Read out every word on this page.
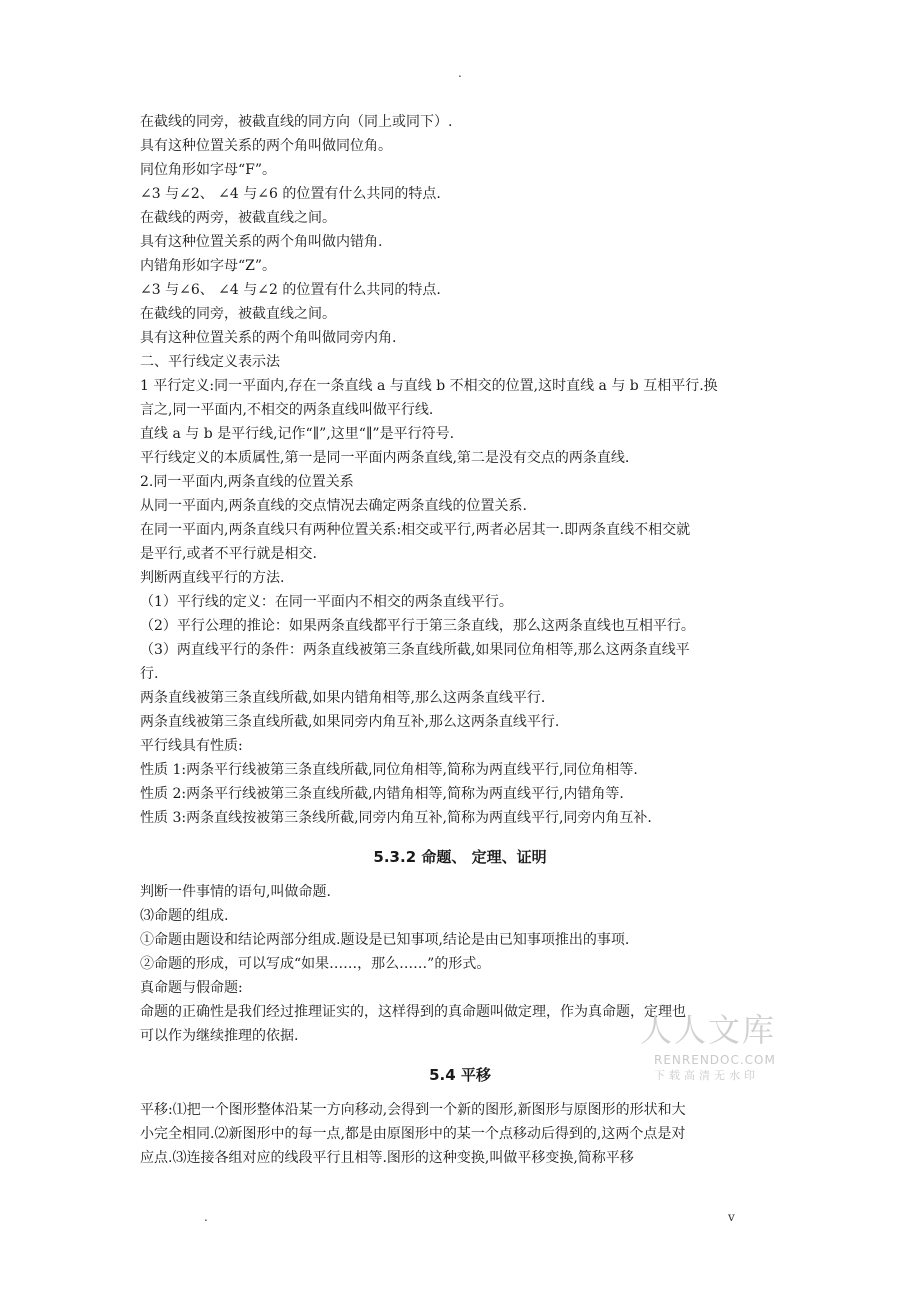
.
在截线的同旁，被截直线的同方向（同上或同下）.
具有这种位置关系的两个角叫做同位角。
同位角形如字母“F”。
∠3 与∠2、 ∠4 与∠6 的位置有什么共同的特点.
在截线的两旁，被截直线之间。
具有这种位置关系的两个角叫做内错角.
内错角形如字母“Z”。
∠3 与∠6、 ∠4 与∠2 的位置有什么共同的特点.
在截线的同旁，被截直线之间。
具有这种位置关系的两个角叫做同旁内角.
二、平行线定义表示法
1 平行定义:同一平面内,存在一条直线 a 与直线 b 不相交的位置,这时直线 a 与 b 互相平行.换
言之,同一平面内,不相交的两条直线叫做平行线.
直线 a 与 b 是平行线,记作“∥”,这里“∥”是平行符号.
平行线定义的本质属性,第一是同一平面内两条直线,第二是没有交点的两条直线.
2.同一平面内,两条直线的位置关系
从同一平面内,两条直线的交点情况去确定两条直线的位置关系.
在同一平面内,两条直线只有两种位置关系:相交或平行,两者必居其一.即两条直线不相交就
是平行,或者不平行就是相交.
判断两直线平行的方法.
（1）平行线的定义：在同一平面内不相交的两条直线平行。
（2）平行公理的推论：如果两条直线都平行于第三条直线，那么这两条直线也互相平行。
（3）两直线平行的条件：两条直线被第三条直线所截,如果同位角相等,那么这两条直线平
行.
两条直线被第三条直线所截,如果内错角相等,那么这两条直线平行.
两条直线被第三条直线所截,如果同旁内角互补,那么这两条直线平行.
平行线具有性质:
性质 1:两条平行线被第三条直线所截,同位角相等,简称为两直线平行,同位角相等.
性质 2:两条平行线被第三条直线所截,内错角相等,简称为两直线平行,内错角等.
性质 3:两条直线按被第三条线所截,同旁内角互补,简称为两直线平行,同旁内角互补.
5.3.2 命题、 定理、证明
判断一件事情的语句,叫做命题.
⑶命题的组成.
①命题由题设和结论两部分组成.题设是已知事项,结论是由已知事项推出的事项.
②命题的形成，可以写成“如果……，那么……”的形式。
真命题与假命题:
命题的正确性是我们经过推理证实的，这样得到的真命题叫做定理，作为真命题，定理也
可以作为继续推理的依据.
5.4 平移
平移:⑴把一个图形整体沿某一方向移动,会得到一个新的图形,新图形与原图形的形状和大
小完全相同.⑵新图形中的每一点,都是由原图形中的某一个点移动后得到的,这两个点是对
应点.⑶连接各组对应的线段平行且相等.图形的这种变换,叫做平移变换,简称平移
人人文库
RENRENDOC.COM
下载高清无水印
.	v
